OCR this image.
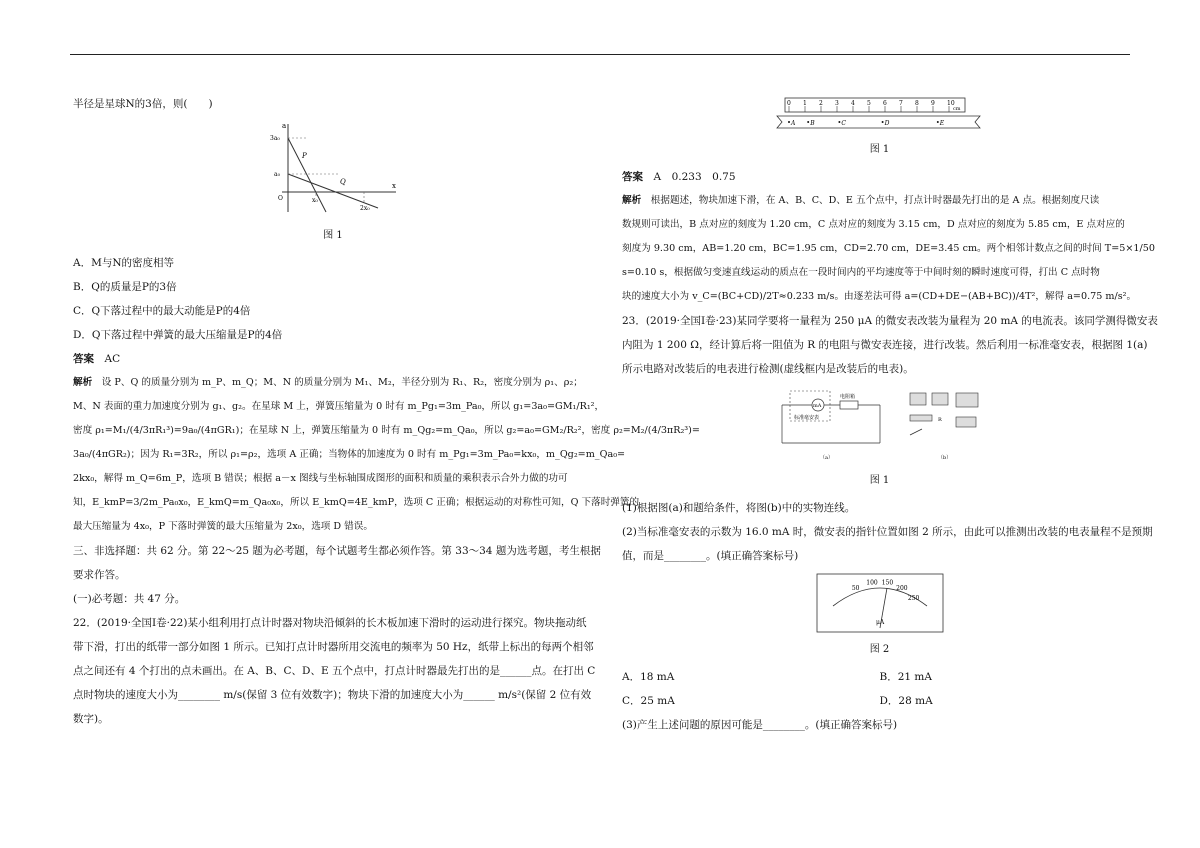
半径是星球N的3倍，则(　　)
a
x
3a₀
a₀
O	x₀
2x₀
P
Q
图 1
A．M与N的密度相等
B．Q的质量是P的3倍
C．Q下落过程中的最大动能是P的4倍
D．Q下落过程中弹簧的最大压缩量是P的4倍
答案　 AC
解析　 设 P、Q 的质量分别为 m_P、m_Q；M、N 的质量分别为 M₁、M₂，半径分别为 R₁、R₂，密度分别为 ρ₁、ρ₂；
M、N 表面的重力加速度分别为 g₁、g₂。在星球 M 上，弹簧压缩量为 0 时有 m_Pg₁=3m_Pa₀，所以 g₁=3a₀=GM₁/R₁²，
密度 ρ₁=M₁/(4/3πR₁³)=9a₀/(4πGR₁)；在星球 N 上，弹簧压缩量为 0 时有 m_Qg₂=m_Qa₀，所以 g₂=a₀=GM₂/R₂²，密度 ρ₂=M₂/(4/3πR₂³)=
3a₀/(4πGR₂)；因为 R₁=3R₂，所以 ρ₁=ρ₂，选项 A 正确；当物体的加速度为 0 时有 m_Pg₁=3m_Pa₀=kx₀，m_Qg₂=m_Qa₀=
2kx₀，解得 m_Q=6m_P，选项 B 错误；根据 a－x 图线与坐标轴围成图形的面积和质量的乘积表示合外力做的功可
知，E_kmP=3/2m_Pa₀x₀，E_kmQ=m_Qa₀x₀，所以 E_kmQ=4E_kmP，选项 C 正确；根据运动的对称性可知，Q 下落时弹簧的
最大压缩量为 4x₀，P 下落时弹簧的最大压缩量为 2x₀，选项 D 错误。
三、非选择题：共 62 分。第 22～25 题为必考题，每个试题考生都必须作答。第 33～34 题为选考题，考生根据
要求作答。
(一)必考题：共 47 分。
22．(2019·全国Ⅰ卷·22)某小组利用打点计时器对物块沿倾斜的长木板加速下滑时的运动进行探究。物块拖动纸
带下滑，打出的纸带一部分如图 1 所示。已知打点计时器所用交流电的频率为 50 Hz，纸带上标出的每两个相邻
点之间还有 4 个打出的点未画出。在 A、B、C、D、E 五个点中，打点计时器最先打出的是______点。在打出 C
点时物块的速度大小为________ m/s(保留 3 位有效数字)；物块下滑的加速度大小为______ m/s²(保留 2 位有效
数字)。
0 1 2 3 4 5 6 7 8 9 10
cm
A B	C	D	E
图 1
答案　 A　0.233　0.75
解析　 根据题述，物块加速下滑，在 A、B、C、D、E 五个点中，打点计时器最先打出的是 A 点。根据刻度尺读
数规则可读出，B 点对应的刻度为 1.20 cm，C 点对应的刻度为 3.15 cm，D 点对应的刻度为 5.85 cm，E 点对应的
刻度为 9.30 cm，AB=1.20 cm，BC=1.95 cm，CD=2.70 cm，DE=3.45 cm。两个相邻计数点之间的时间 T=5×1/50
s=0.10 s，根据做匀变速直线运动的质点在一段时间内的平均速度等于中间时刻的瞬时速度可得，打出 C 点时物
块的速度大小为 v_C=(BC+CD)/2T≈0.233 m/s。由逐差法可得 a=(CD+DE−(AB+BC))/4T²，解得 a=0.75 m/s²。
23．(2019·全国Ⅰ卷·23)某同学要将一量程为 250 μA 的微安表改装为量程为 20 mA 的电流表。该同学测得微安表
内阻为 1 200 Ω，经计算后将一阻值为 R 的电阻与微安表连接，进行改装。然后利用一标准毫安表，根据图 1(a)
所示电路对改装后的电表进行检测(虚线框内是改装后的电表)。
mA
电阻箱
标准毫安表
（a）
R
（b）
图 1
(1)根据图(a)和题给条件，将图(b)中的实物连线。
(2)当标准毫安表的示数为 16.0 mA 时，微安表的指针位置如图 2 所示，由此可以推测出改装的电表量程不是预期
值，而是________。(填正确答案标号)
50
100 150
200
250
μA
图 2
A．18 mA	B．21 mA
C．25 mA	D．28 mA
(3)产生上述问题的原因可能是________。(填正确答案标号)
